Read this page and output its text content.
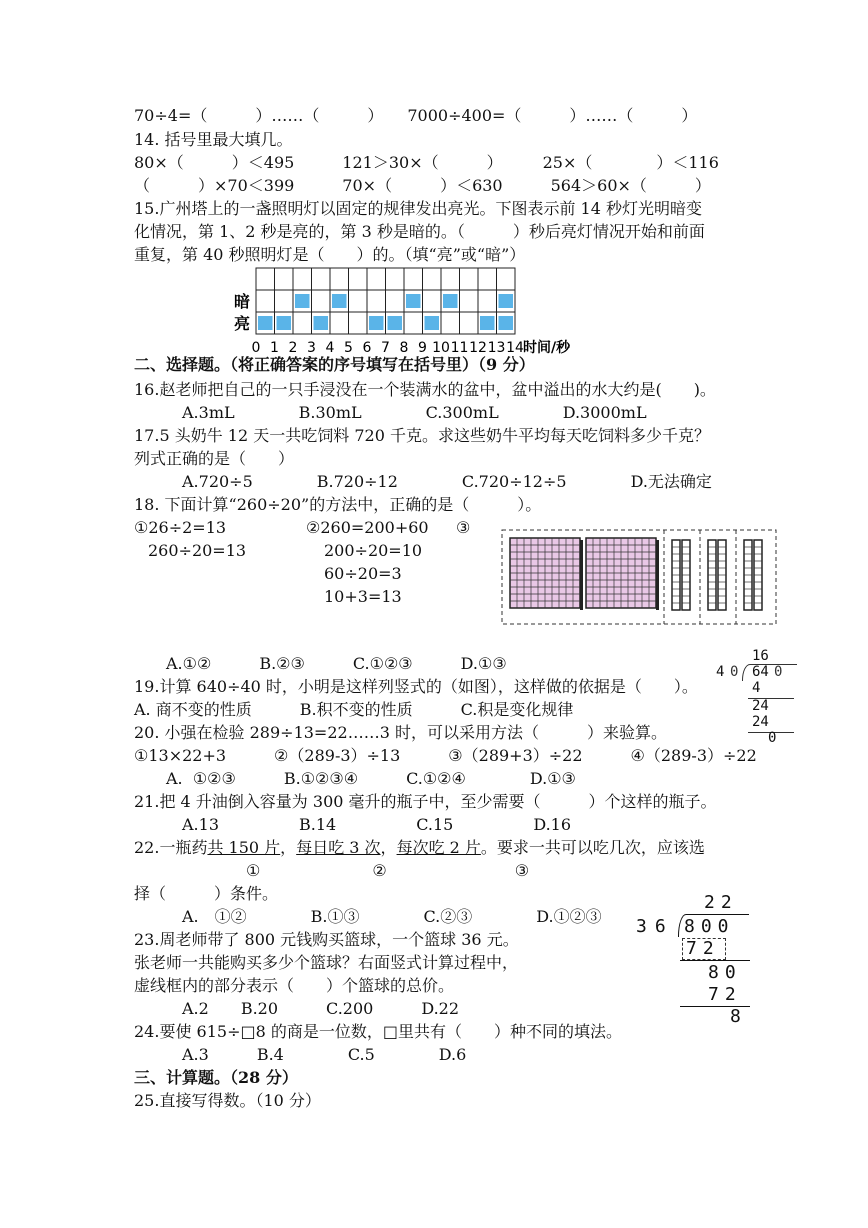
70÷4=（　　　）……（　　　）　　7000÷400=（　　　）……（　　　）
14. 括号里最大填几。
80×（　　　）＜495　　　121＞30×（　　　）　　　25×（　　　　）＜116
（　　　）×70＜399　　　70×（　　　）＜630　　　564＞60×（　　　）
15.广州塔上的一盏照明灯以固定的规律发出亮光。下图表示前 14 秒灯光明暗变
化情况，第 1、2 秒是亮的，第 3 秒是暗的。（　　　）秒后亮灯情况开始和前面
重复，第 40 秒照明灯是（　　）的。（填“亮”或“暗”）
暗
亮
0 1 2 3 4 5 6 7 8 9 10 11 12 13 14 时间/秒
二、选择题。（将正确答案的序号填写在括号里）（9 分）
16.赵老师把自己的一只手浸没在一个装满水的盆中，盆中溢出的水大约是(　　)。
A.3mL　　　　B.30mL　　　　C.300mL　　　　D.3000mL
17.5 头奶牛 12 天一共吃饲料 720 千克。求这些奶牛平均每天吃饲料多少千克？
列式正确的是（　　）
A.720÷5　　　　B.720÷12　　　　C.720÷12÷5　　　　D.无法确定
18. 下面计算“260÷20”的方法中，正确的是（　　　）。
①26÷2=13
260÷20=13
②260=200+60
200÷20=10
60÷20=3
10+3=13
③
A.①②　　　B.②③　　　C.①②③　　　D.①③	16
4 0 64 0
4
24
24
0
19.计算 640÷40 时，小明是这样列竖式的（如图），这样做的依据是（　　）。
A. 商不变的性质　　　B.积不变的性质　　　C.积是变化规律
20. 小强在检验 289÷13=22……3 时，可以采用方法（　　　）来验算。
①13×22+3　　　②（289-3）÷13　　　③（289+3）÷22　　　④（289-3）÷22
A.  ①②③　　　B.①②③④　　　C.①②④　　　　D.①③
21.把 4 升油倒入容量为 300 毫升的瓶子中，至少需要（　　　）个这样的瓶子。
A.13　　　　　B.14　　　　　C.15　　　　　D.16
22.一瓶药共 150 片，每日吃 3 次，每次吃 2 片。要求一共可以吃几次，应该选
①　　　　　　　②　　　　　　　　③
择（　　　）条件。
A.　①②　　　　B.①③　　　　C.②③　　　　D.①②③
22
36 800
72
80
72
8
23.周老师带了 800 元钱购买篮球，一个篮球 36 元。
张老师一共能购买多少个篮球？右面竖式计算过程中，
虚线框内的部分表示（　　）个篮球的总价。
A.2　　B.20　　　C.200　　　D.22
24.要使 615÷□8 的商是一位数，□里共有（　　）种不同的填法。
A.3　　　B.4　　　　C.5　　　　D.6
三、计算题。（28 分）
25.直接写得数。（10 分）
